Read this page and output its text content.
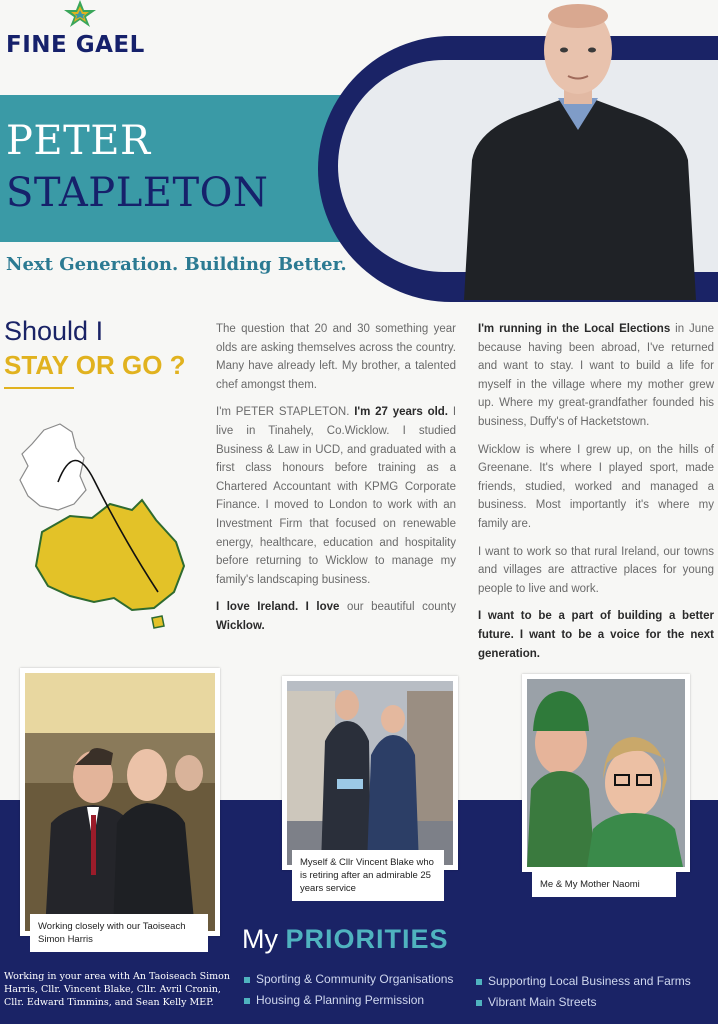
FINE GAEL
PETER
STAPLETON
Next Generation. Building Better.
Should I
STAY OR GO ?

The question that 20 and 30 something year olds are asking themselves across the country. Many have already left. My brother, a talented chef amongst them.

I'm PETER STAPLETON. I'm 27 years old. I live in Tinahely, Co.Wicklow. I studied Business & Law in UCD, and graduated with a first class honours before training as a Chartered Accountant with KPMG Corporate Finance. I moved to London to work with an Investment Firm that focused on renewable energy, healthcare, education and hospitality before returning to Wicklow to manage my family's landscaping business.

I love Ireland. I love our beautiful county Wicklow.

I'm running in the Local Elections in June because having been abroad, I've returned and want to stay. I want to build a life for myself in the village where my mother grew up. Where my great-grandfather founded his business, Duffy's of Hacketstown.

Wicklow is where I grew up, on the hills of Greenane. It's where I played sport, made friends, studied, worked and managed a business. Most importantly it's where my family are.

I want to work so that rural Ireland, our towns and villages are attractive places for young people to live and work.

I want to be a part of building a better future. I want to be a voice for the next generation.

Working closely with our Taoiseach Simon Harris
Myself & Cllr Vincent Blake who is retiring after an admirable 25 years service	Me & My Mother Naomi
My PRIORITIES
Working in your area with An Taoiseach Simon Harris, Cllr. Vincent Blake, Cllr. Avril Cronin, Cllr. Edward Timmins, and Sean Kelly MEP.
Sporting & Community Organisations
Housing & Planning Permission
Supporting Local Business and Farms
Vibrant Main Streets
